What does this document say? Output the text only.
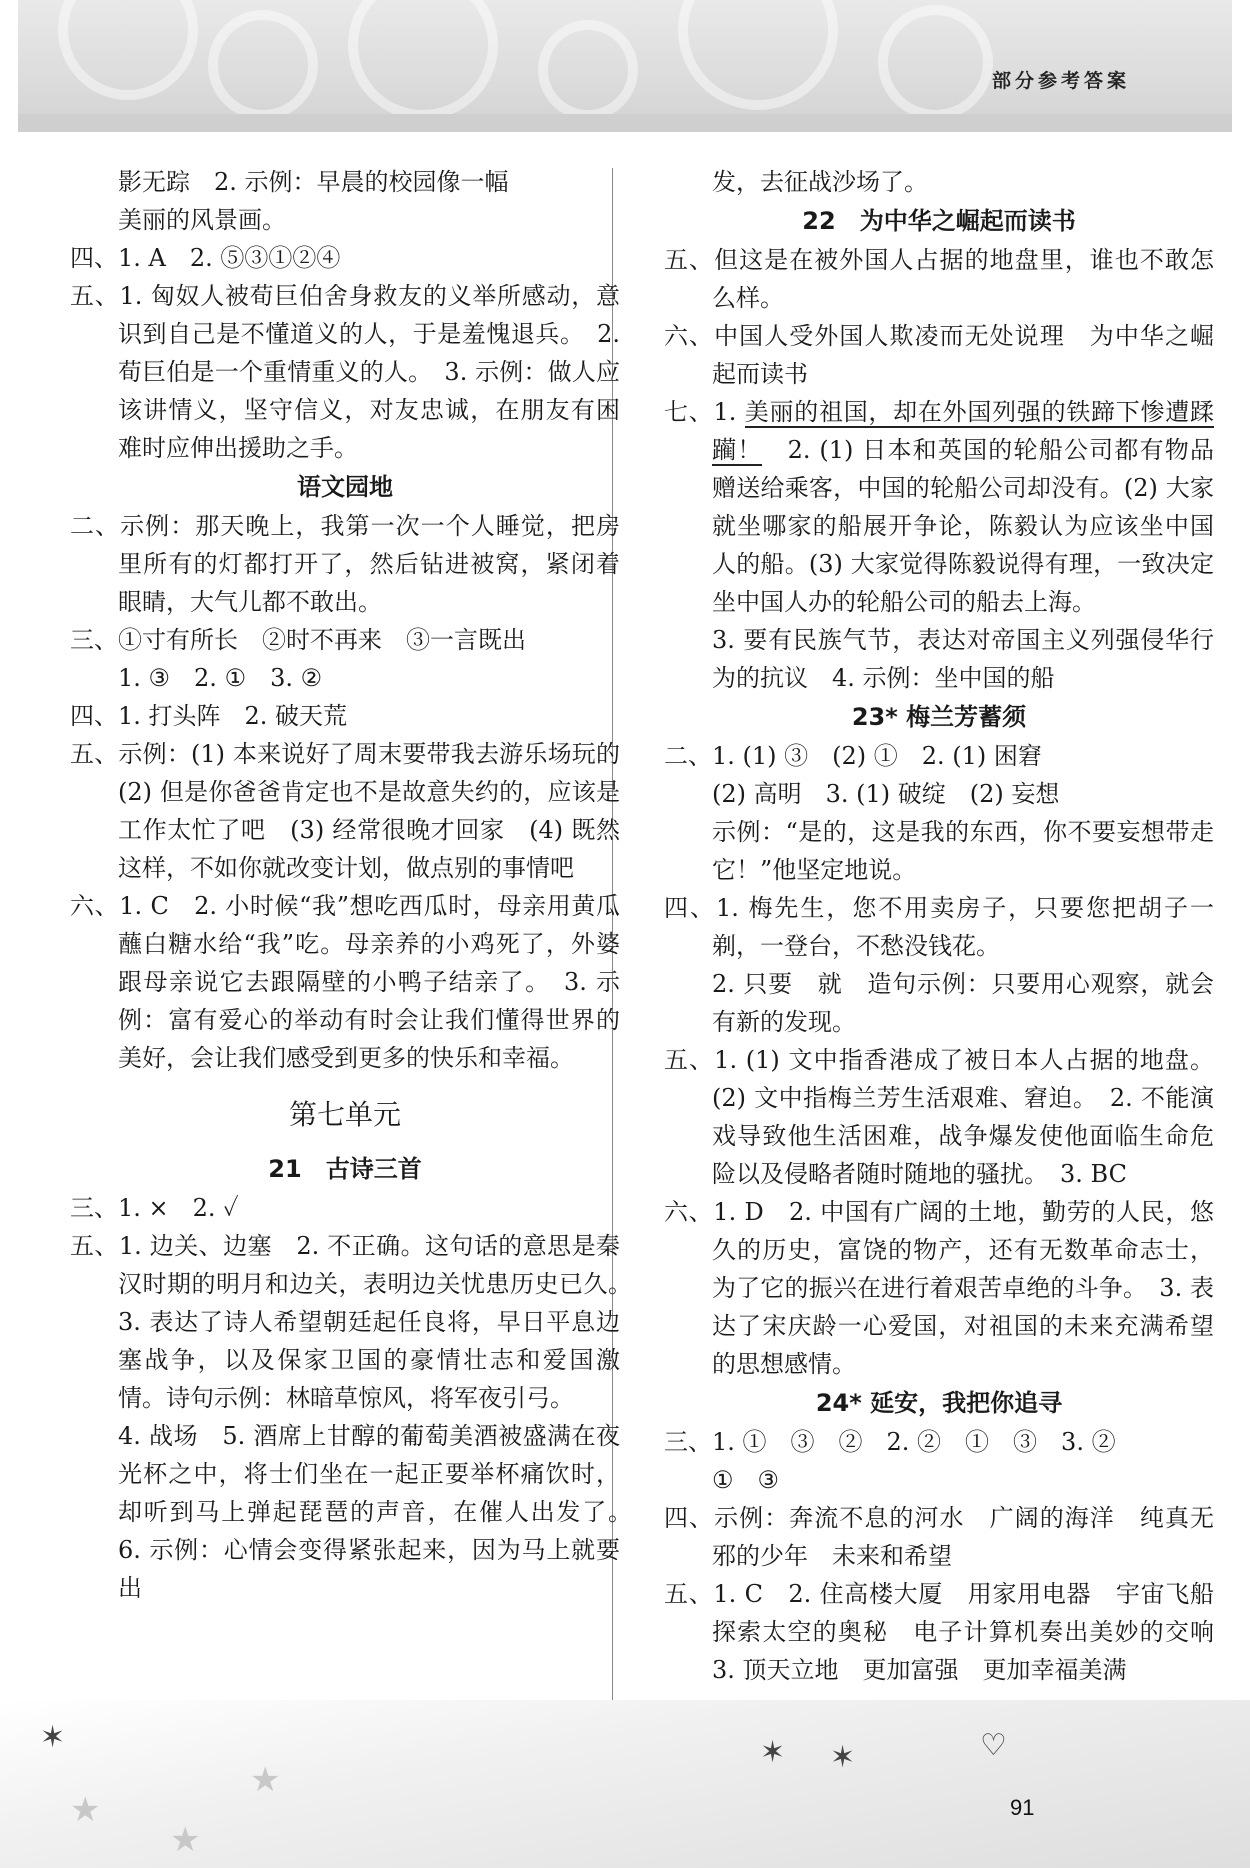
部分参考答案

影无踪　2. 示例：早晨的校园像一幅

美丽的风景画。

四、1. A　2. ⑤③①②④

五、1. 匈奴人被荀巨伯舍身救友的义举所感动，意识到自己是不懂道义的人，于是羞愧退兵。　2. 荀巨伯是一个重情重义的人。　3. 示例：做人应该讲情义，坚守信义，对友忠诚，在朋友有困难时应伸出援助之手。

语文园地

二、示例：那天晚上，我第一次一个人睡觉，把房里所有的灯都打开了，然后钻进被窝，紧闭着眼睛，大气儿都不敢出。

三、①寸有所长　②时不再来　③一言既出

1. ③　2. ①　3. ②

四、1. 打头阵　2. 破天荒

五、示例：(1) 本来说好了周末要带我去游乐场玩的　(2) 但是你爸爸肯定也不是故意失约的，应该是工作太忙了吧　(3) 经常很晚才回家　(4) 既然这样，不如你就改变计划，做点别的事情吧

六、1. C　2. 小时候“我”想吃西瓜时，母亲用黄瓜蘸白糖水给“我”吃。母亲养的小鸡死了，外婆跟母亲说它去跟隔壁的小鸭子结亲了。　3. 示例：富有爱心的举动有时会让我们懂得世界的美好，会让我们感受到更多的快乐和幸福。

第七单元

21　古诗三首

三、1. ×　2. ✓

五、1. 边关、边塞　2. 不正确。这句话的意思是秦汉时期的明月和边关，表明边关忧患历史已久。　3. 表达了诗人希望朝廷起任良将，早日平息边塞战争，以及保家卫国的豪情壮志和爱国激情。诗句示例：林暗草惊风，将军夜引弓。

4. 战场　5. 酒席上甘醇的葡萄美酒被盛满在夜光杯之中，将士们坐在一起正要举杯痛饮时，却听到马上弹起琵琶的声音，在催人出发了。　6. 示例：心情会变得紧张起来，因为马上就要出

发，去征战沙场了。

22　为中华之崛起而读书

五、但这是在被外国人占据的地盘里，谁也不敢怎么样。

六、中国人受外国人欺凌而无处说理　为中华之崛起而读书

七、1. 美丽的祖国，却在外国列强的铁蹄下惨遭蹂躏！　2. (1) 日本和英国的轮船公司都有物品赠送给乘客，中国的轮船公司却没有。(2) 大家就坐哪家的船展开争论，陈毅认为应该坐中国人的船。(3) 大家觉得陈毅说得有理，一致决定坐中国人办的轮船公司的船去上海。

3. 要有民族气节，表达对帝国主义列强侵华行为的抗议　4. 示例：坐中国的船

23* 梅兰芳蓄须

二、1. (1) ③　(2) ①　2. (1) 困窘

(2) 高明　3. (1) 破绽　(2) 妄想

示例：“是的，这是我的东西，你不要妄想带走它！”他坚定地说。

四、1. 梅先生，您不用卖房子，只要您把胡子一剃，一登台，不愁没钱花。

2. 只要　就　造句示例：只要用心观察，就会有新的发现。

五、1. (1) 文中指香港成了被日本人占据的地盘。(2) 文中指梅兰芳生活艰难、窘迫。　2. 不能演戏导致他生活困难，战争爆发使他面临生命危险以及侵略者随时随地的骚扰。　3. BC

六、1. D　2. 中国有广阔的土地，勤劳的人民，悠久的历史，富饶的物产，还有无数革命志士，为了它的振兴在进行着艰苦卓绝的斗争。　3. 表达了宋庆龄一心爱国，对祖国的未来充满希望的思想感情。

24* 延安，我把你追寻

三、1. ①　③　②　2. ②　①　③　3. ②

①　③

四、示例：奔流不息的河水　广阔的海洋　纯真无邪的少年　未来和希望

五、1. C　2. 住高楼大厦　用家用电器　宇宙飞船探索太空的奥秘　电子计算机奏出美妙的交响　3. 顶天立地　更加富强　更加幸福美满

★
★
★
✶	✶ ✶	♡
91
